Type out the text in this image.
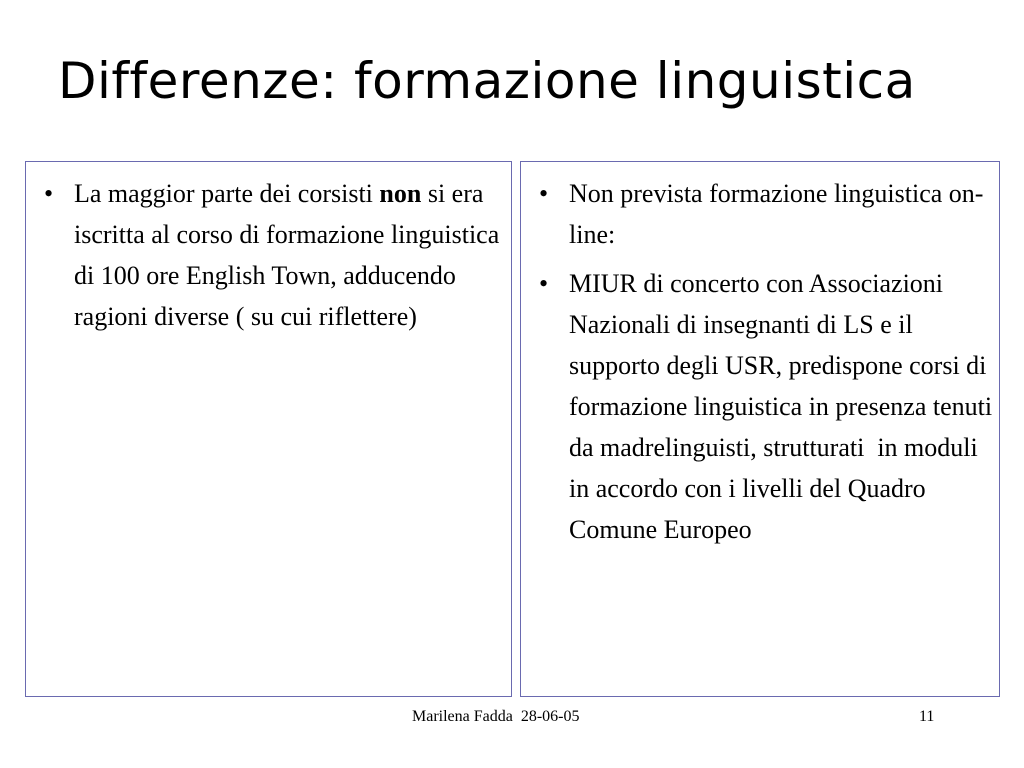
Differenze: formazione linguistica
• La maggior parte dei corsisti non si era iscritta al corso di formazione linguistica di 100 ore English Town, adducendo ragioni diverse ( su cui riflettere)
• Non prevista formazione linguistica on-line:
• MIUR di concerto con Associazioni Nazionali di insegnanti di LS e il supporto degli USR, predispone corsi di formazione linguistica in presenza tenuti da madrelinguisti, strutturati  in moduli in accordo con i livelli del Quadro Comune Europeo
Marilena Fadda  28-06-05	11
